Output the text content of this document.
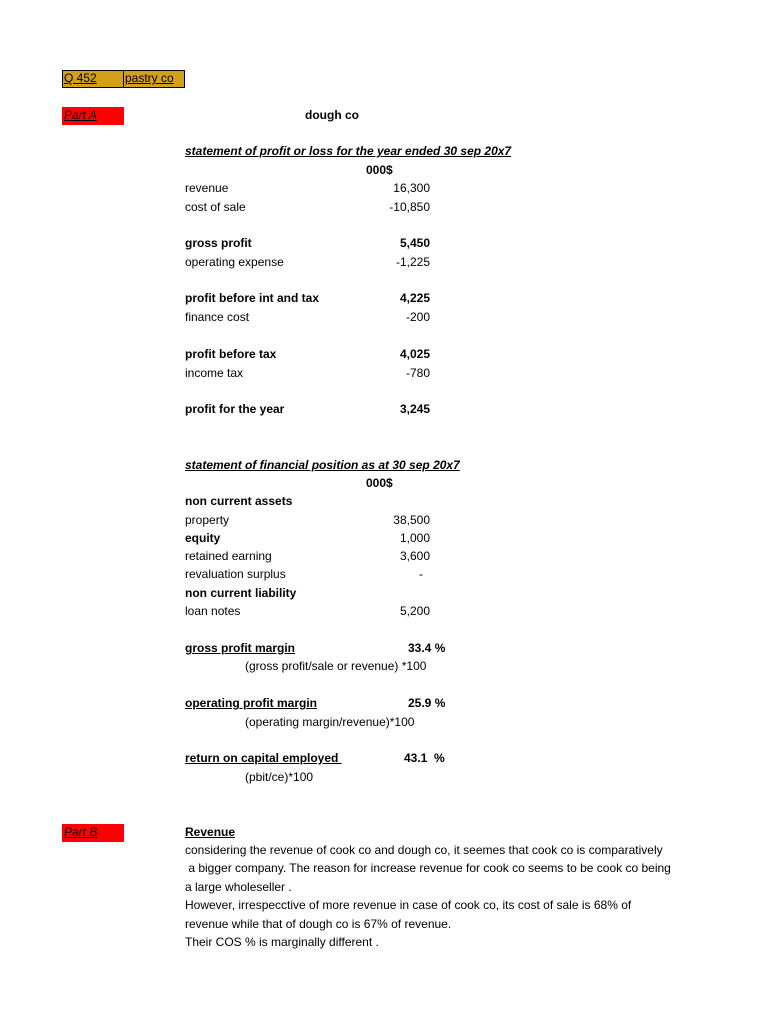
Q 452 pastry co
Part A	dough co
statement of profit or loss for the year ended 30 sep 20x7
000$
revenue	16,300
cost of sale	-10,850
gross profit	5,450
operating expense	-1,225
profit before int and tax	4,225
finance cost	-200
profit before tax	4,025
income tax	-780
profit for the year	3,245
statement of financial position as at 30 sep 20x7
000$
non current assets
property	38,500
equity	1,000
retained earning	3,600
revaluation surplus	-
non current liability
loan notes	5,200
gross profit margin	33.4 %
(gross profit/sale or revenue) *100
operating profit margin	25.9 %
(operating margin/revenue)*100
return on capital employed	43.1  %
(pbit/ce)*100
Part B	Revenue
considering the revenue of cook co and dough co, it seemes that cook co is comparatively
a bigger company. The reason for increase revenue for cook co seems to be cook co being
a large wholeseller .
However, irrespecctive of more revenue in case of cook co, its cost of sale is 68% of
revenue while that of dough co is 67% of revenue.
Their COS % is marginally different .
